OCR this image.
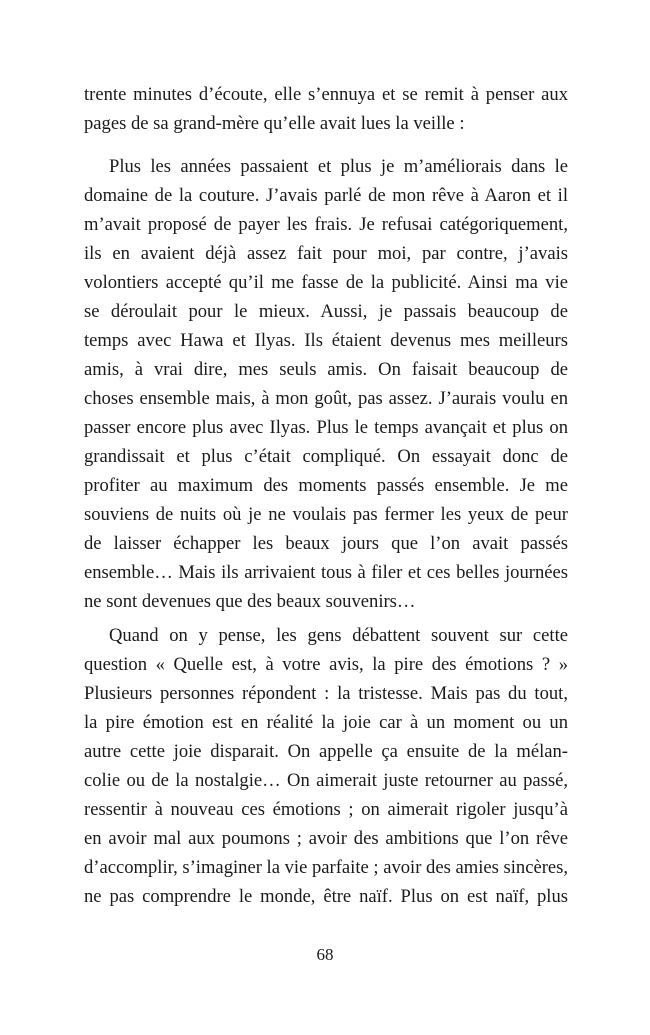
trente minutes d’écoute, elle s’ennuya et se remit à penser aux
pages de sa grand-mère qu’elle avait lues la veille :
Plus les années passaient et plus je m’améliorais dans le
domaine de la couture. J’avais parlé de mon rêve à Aaron et il
m’avait proposé de payer les frais. Je refusai catégoriquement,
ils en avaient déjà assez fait pour moi, par contre, j’avais
volontiers accepté qu’il me fasse de la publicité. Ainsi ma vie
se déroulait pour le mieux. Aussi, je passais beaucoup de
temps avec Hawa et Ilyas. Ils étaient devenus mes meilleurs
amis, à vrai dire, mes seuls amis. On faisait beaucoup de
choses ensemble mais, à mon goût, pas assez. J’aurais voulu en
passer encore plus avec Ilyas. Plus le temps avançait et plus on
grandissait et plus c’était compliqué. On essayait donc de
profiter au maximum des moments passés ensemble. Je me
souviens de nuits où je ne voulais pas fermer les yeux de peur
de laisser échapper les beaux jours que l’on avait passés
ensemble… Mais ils arrivaient tous à filer et ces belles journées
ne sont devenues que des beaux souvenirs…
Quand on y pense, les gens débattent souvent sur cette
question « Quelle est, à votre avis, la pire des émotions ? »
Plusieurs personnes répondent : la tristesse. Mais pas du tout,
la pire émotion est en réalité la joie car à un moment ou un
autre cette joie disparait. On appelle ça ensuite de la mélan-
colie ou de la nostalgie… On aimerait juste retourner au passé,
ressentir à nouveau ces émotions ; on aimerait rigoler jusqu’à
en avoir mal aux poumons ; avoir des ambitions que l’on rêve
d’accomplir, s’imaginer la vie parfaite ; avoir des amies sincères,
ne pas comprendre le monde, être naïf. Plus on est naïf, plus
68
